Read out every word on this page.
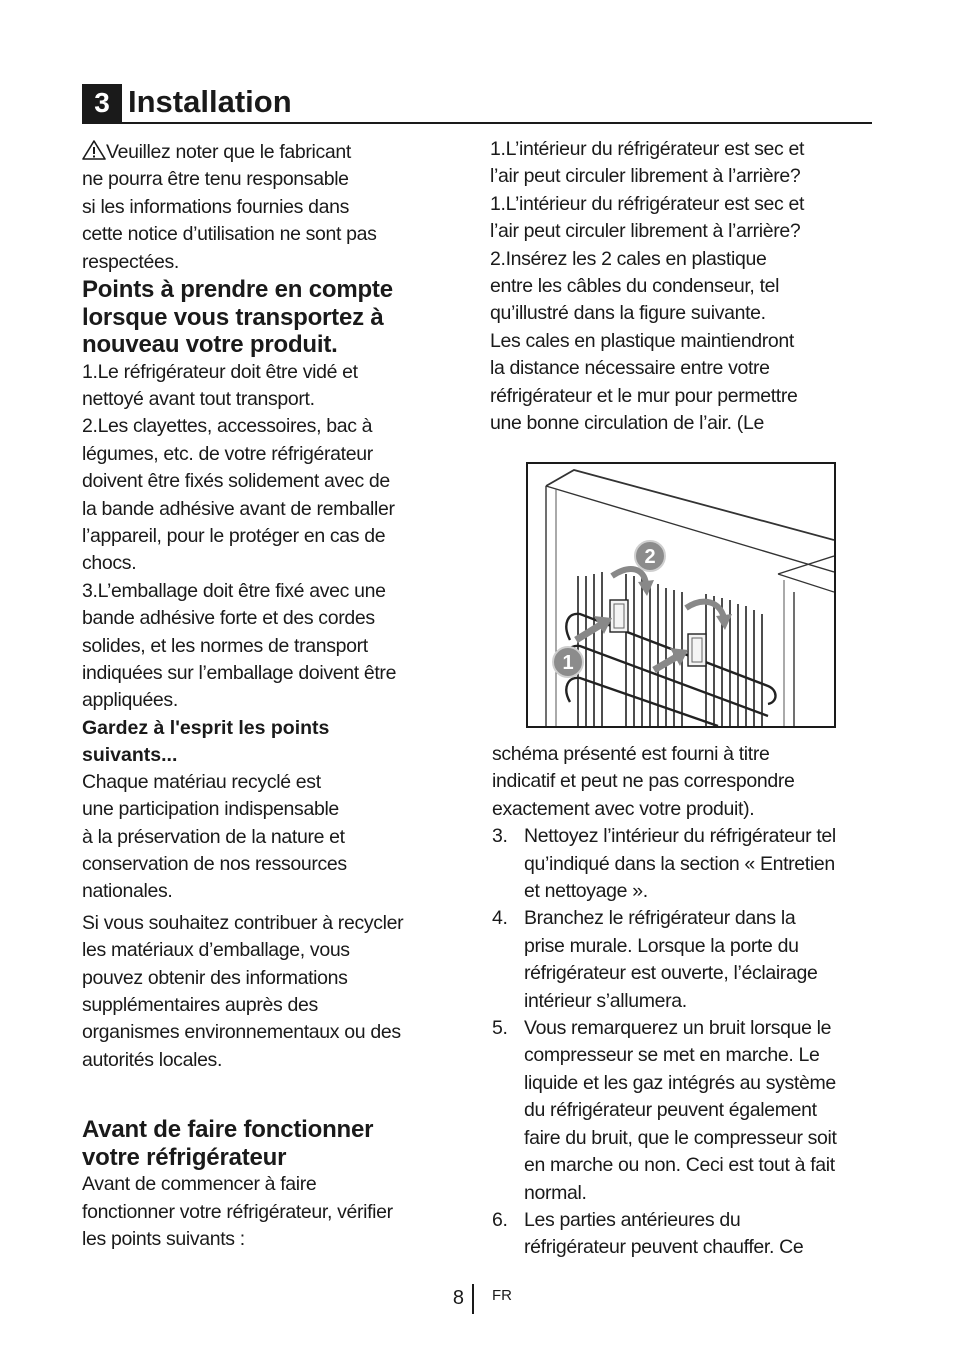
3 Installation

Veuillez noter que le fabricant
ne pourra être tenu responsable
si les informations fournies dans
cette notice d’utilisation ne sont pas
respectées.

Points à prendre en compte
lorsque vous transportez à
nouveau votre produit.

1.Le réfrigérateur doit être vidé et
nettoyé avant tout transport.
2.Les clayettes, accessoires, bac à
légumes, etc. de votre réfrigérateur
doivent être fixés solidement avec de
la bande adhésive avant de remballer
l’appareil, pour le protéger en cas de
chocs.
3.L’emballage doit être fixé avec une
bande adhésive forte et des cordes
solides, et les normes de transport
indiquées sur l’emballage doivent être
appliquées.

Gardez à l'esprit les points
suivants...

Chaque matériau recyclé est
une participation indispensable
à la préservation de la nature et
conservation de nos ressources
nationales.

Si vous souhaitez contribuer à recycler
les matériaux d’emballage, vous
pouvez obtenir des informations
supplémentaires auprès des
organismes environnementaux ou des
autorités locales.

Avant de faire fonctionner
votre réfrigérateur

Avant de commencer à faire
fonctionner votre réfrigérateur, vérifier
les points suivants :

1.L’intérieur du réfrigérateur est sec et
l’air peut circuler librement à l’arrière?
1.L’intérieur du réfrigérateur est sec et
l’air peut circuler librement à l’arrière?
2.Insérez les 2 cales en plastique
entre les câbles du condenseur, tel
qu’illustré dans la figure suivante.
Les cales en plastique maintiendront
la distance nécessaire entre votre
réfrigérateur et le mur pour permettre
une bonne circulation de l’air. (Le

2
1

schéma présenté est fourni à titre
indicatif et peut ne pas correspondre
exactement avec votre produit).

3. Nettoyez l’intérieur du réfrigérateur tel
qu’indiqué dans la section « Entretien
et nettoyage ».
4. Branchez le réfrigérateur dans la
prise murale. Lorsque la porte du
réfrigérateur est ouverte, l’éclairage
intérieur s’allumera.
5. Vous remarquerez un bruit lorsque le
compresseur se met en marche. Le
liquide et les gaz intégrés au système
du réfrigérateur peuvent également
faire du bruit, que le compresseur soit
en marche ou non. Ceci est tout à fait
normal.
6. Les parties antérieures du
réfrigérateur peuvent chauffer. Ce
8 FR
